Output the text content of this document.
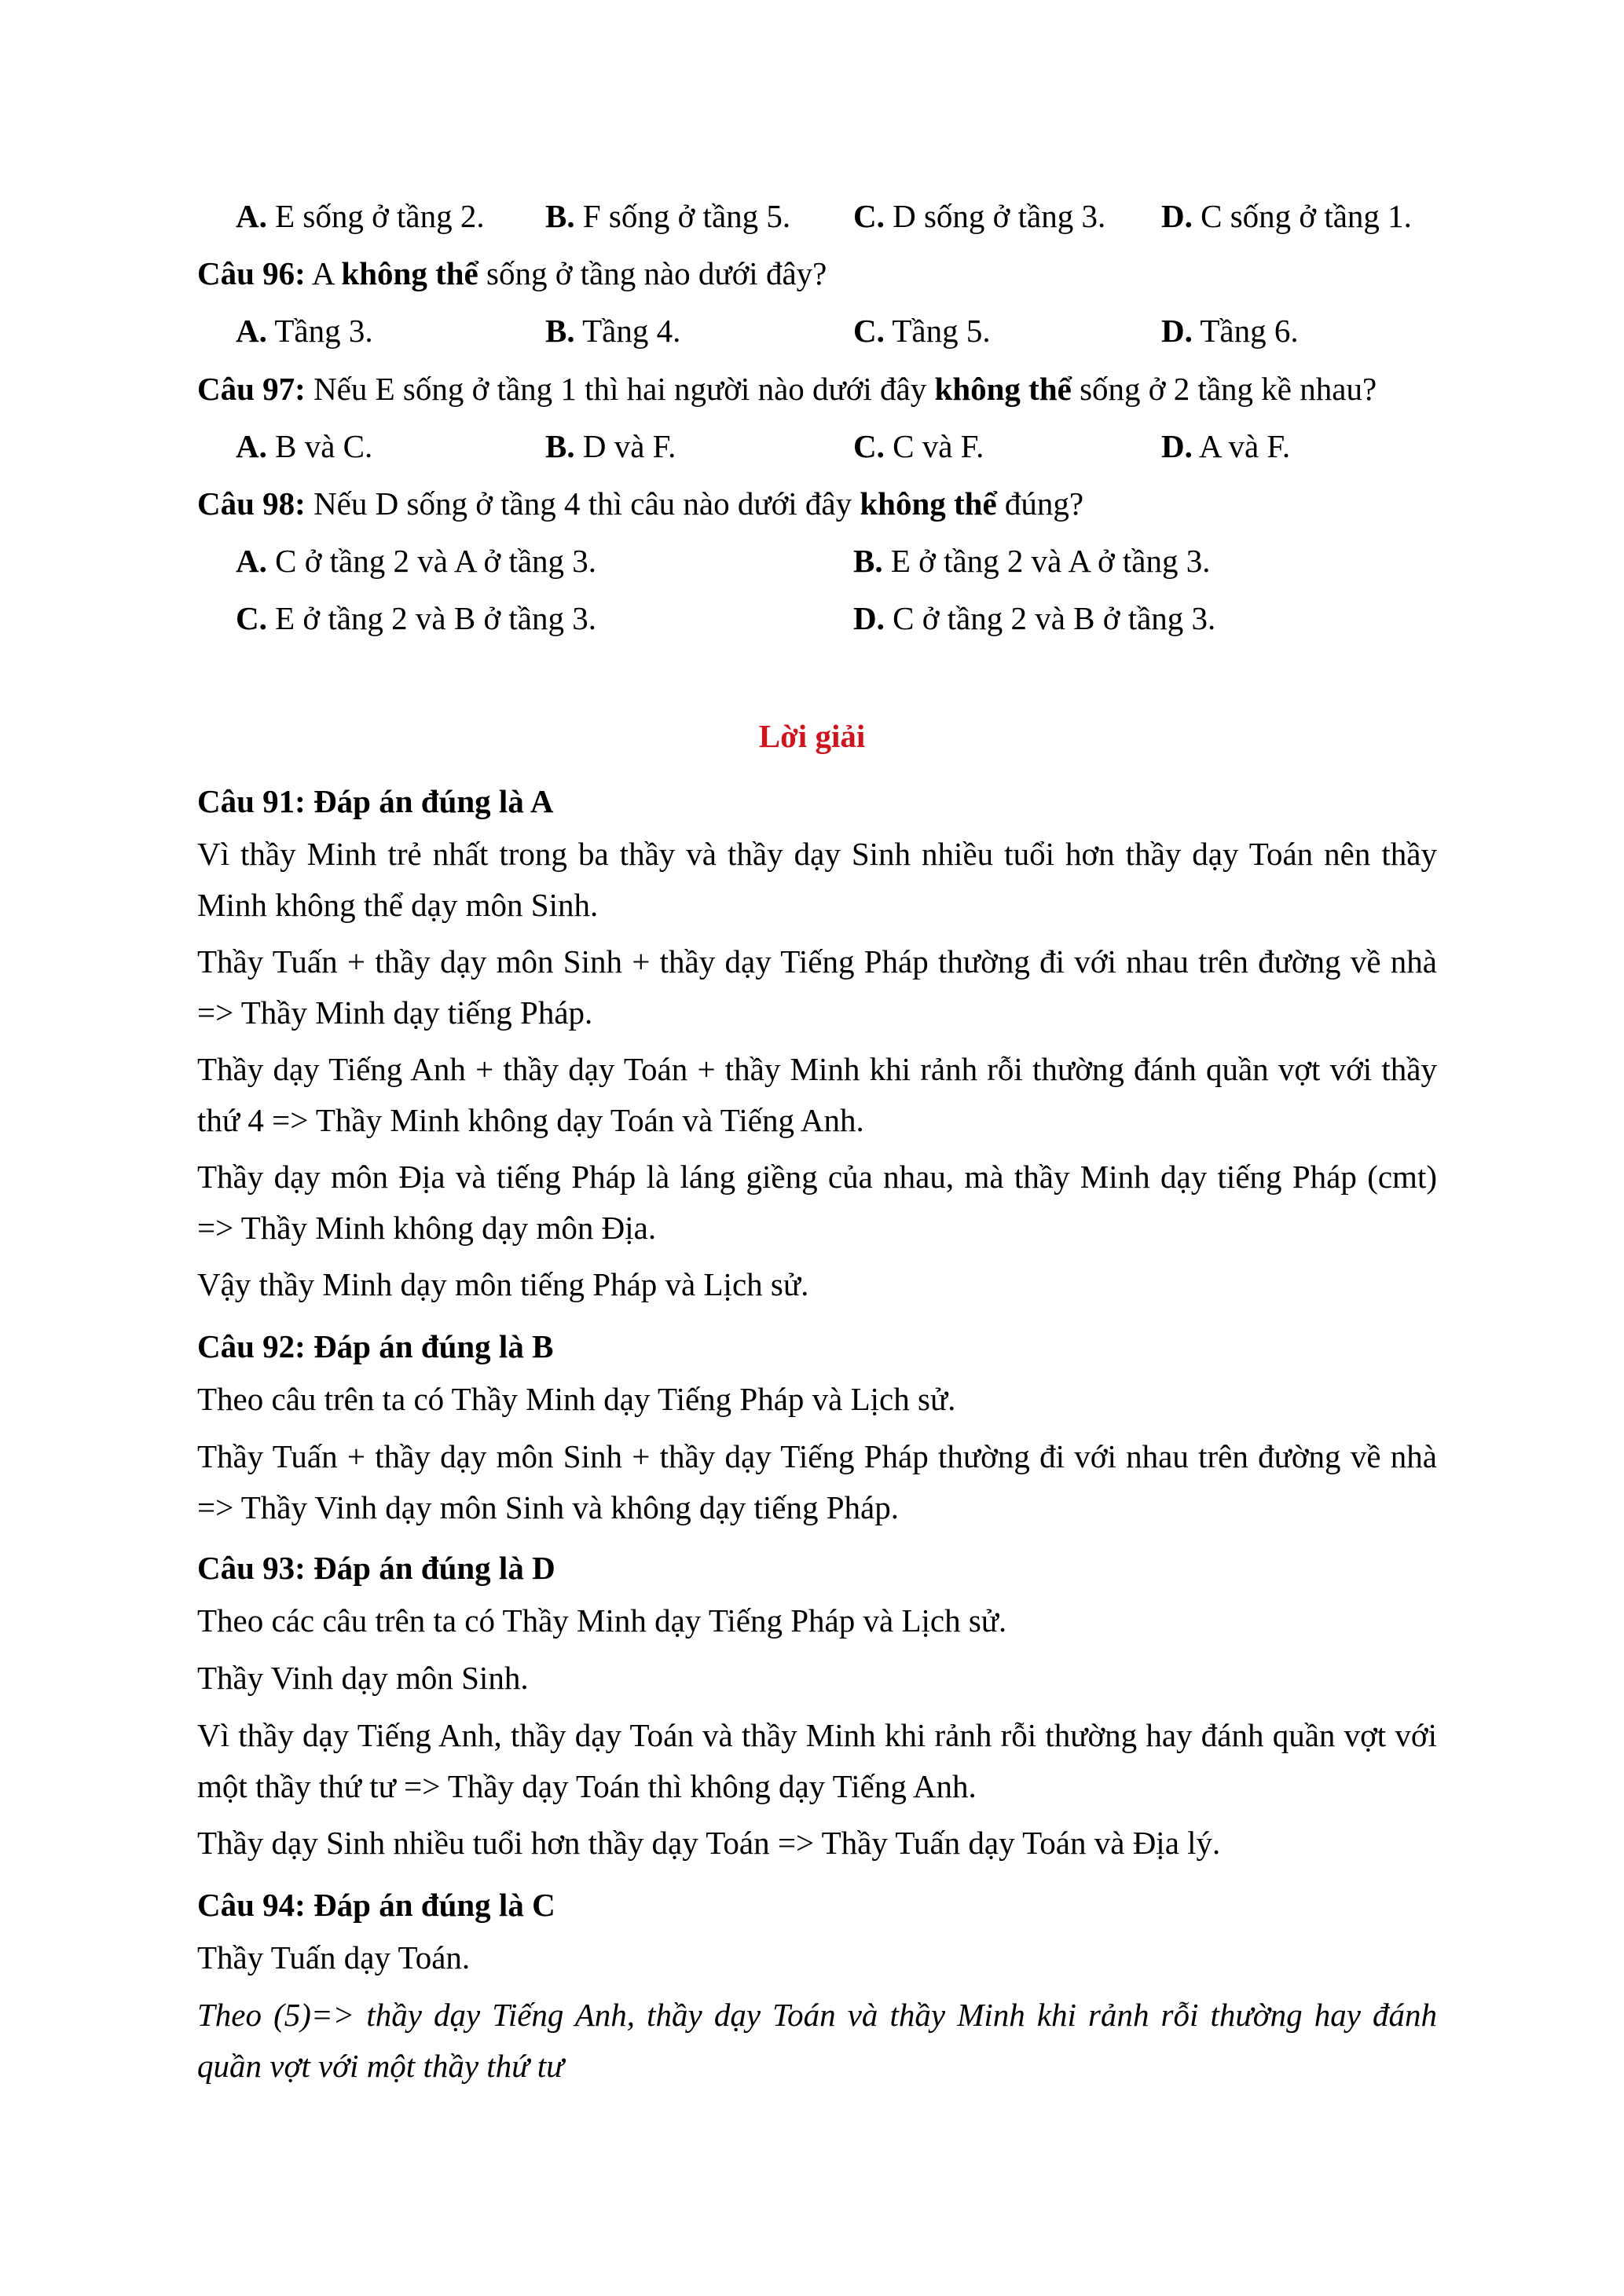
A. E sống ở tầng 2. B. F sống ở tầng 5. C. D sống ở tầng 3. D. C sống ở tầng 1.
Câu 96: A không thể sống ở tầng nào dưới đây?
A. Tầng 3.	B. Tầng 4.	C. Tầng 5.	D. Tầng 6.
Câu 97: Nếu E sống ở tầng 1 thì hai người nào dưới đây không thể sống ở 2 tầng kề nhau?
A. B và C.	B. D và F.	C. C và F.	D. A và F.
Câu 98: Nếu D sống ở tầng 4 thì câu nào dưới đây không thể đúng?
A. C ở tầng 2 và A ở tầng 3.	B. E ở tầng 2 và A ở tầng 3.
C. E ở tầng 2 và B ở tầng 3.	D. C ở tầng 2 và B ở tầng 3.
Lời giải
Câu 91: Đáp án đúng là A
Vì thầy Minh trẻ nhất trong ba thầy và thầy dạy Sinh nhiều tuổi hơn thầy dạy Toán nên thầy Minh không thể dạy môn Sinh.
Thầy Tuấn + thầy dạy môn Sinh + thầy dạy Tiếng Pháp thường đi với nhau trên đường về nhà => Thầy Minh dạy tiếng Pháp.
Thầy dạy Tiếng Anh + thầy dạy Toán + thầy Minh khi rảnh rỗi thường đánh quần vợt với thầy thứ 4 => Thầy Minh không dạy Toán và Tiếng Anh.
Thầy dạy môn Địa và tiếng Pháp là láng giềng của nhau, mà thầy Minh dạy tiếng Pháp (cmt) => Thầy Minh không dạy môn Địa.
Vậy thầy Minh dạy môn tiếng Pháp và Lịch sử.
Câu 92: Đáp án đúng là B
Theo câu trên ta có Thầy Minh dạy Tiếng Pháp và Lịch sử.
Thầy Tuấn + thầy dạy môn Sinh + thầy dạy Tiếng Pháp thường đi với nhau trên đường về nhà => Thầy Vinh dạy môn Sinh và không dạy tiếng Pháp.
Câu 93: Đáp án đúng là D
Theo các câu trên ta có Thầy Minh dạy Tiếng Pháp và Lịch sử.
Thầy Vinh dạy môn Sinh.
Vì thầy dạy Tiếng Anh, thầy dạy Toán và thầy Minh khi rảnh rỗi thường hay đánh quần vợt với một thầy thứ tư => Thầy dạy Toán thì không dạy Tiếng Anh.
Thầy dạy Sinh nhiều tuổi hơn thầy dạy Toán => Thầy Tuấn dạy Toán và Địa lý.
Câu 94: Đáp án đúng là C
Thầy Tuấn dạy Toán.
Theo (5)=> thầy dạy Tiếng Anh, thầy dạy Toán và thầy Minh khi rảnh rỗi thường hay đánh quần vợt với một thầy thứ tư
